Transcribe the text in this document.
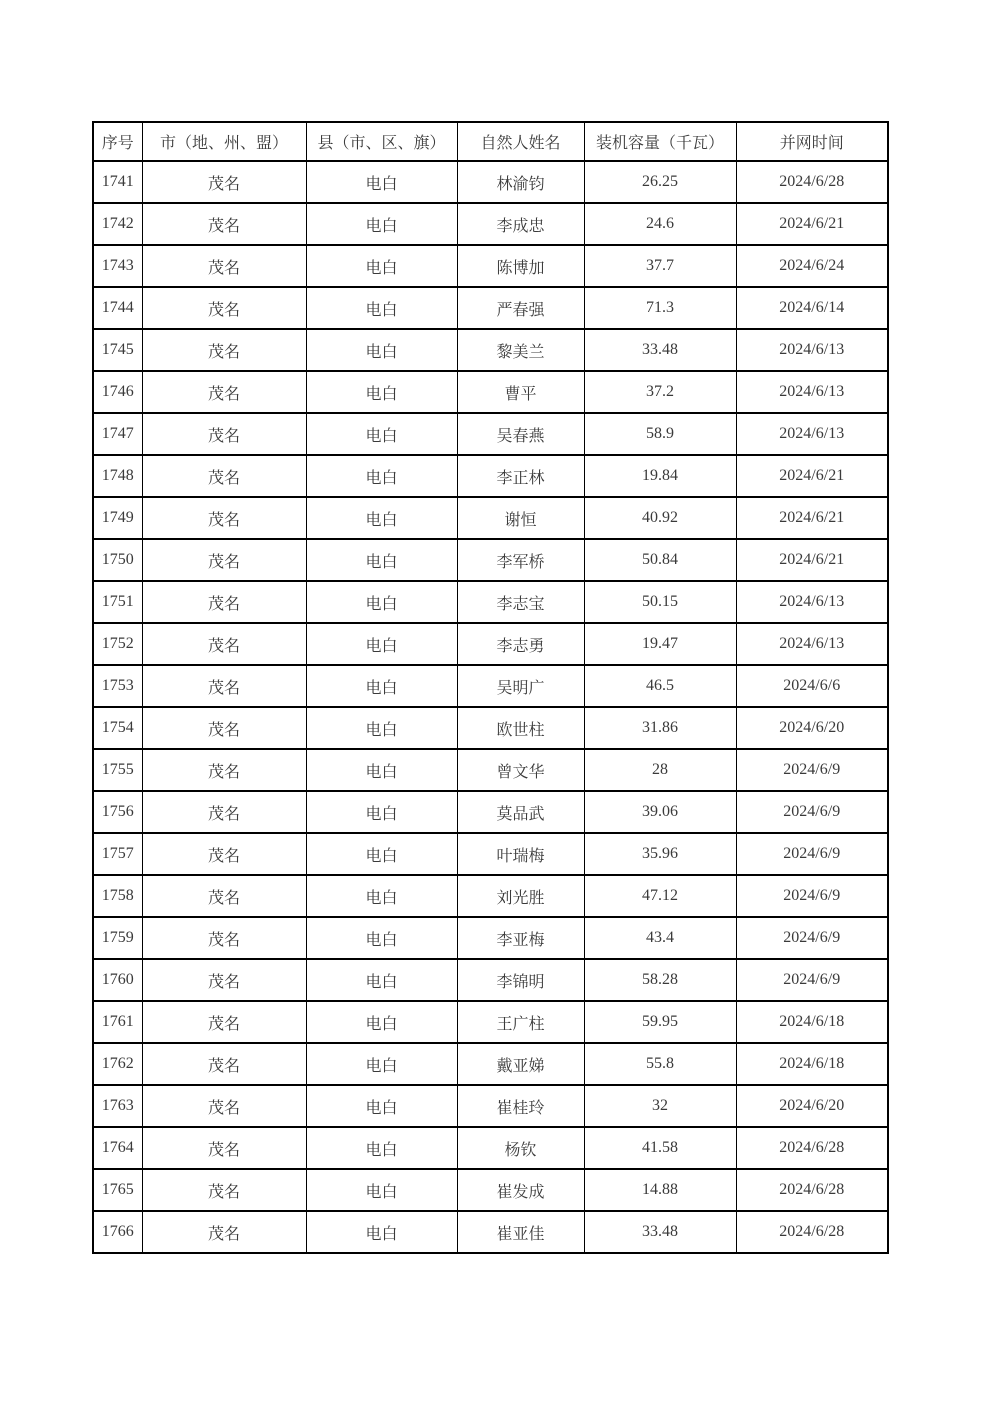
序号	市（地、州、盟）	县（市、区、旗）	自然人姓名	装机容量（千瓦）	并网时间
1741	茂名	电白	林渝钧	26.25	2024/6/28
1742	茂名	电白	李成忠	24.6	2024/6/21
1743	茂名	电白	陈博加	37.7	2024/6/24
1744	茂名	电白	严春强	71.3	2024/6/14
1745	茂名	电白	黎美兰	33.48	2024/6/13
1746	茂名	电白	曹平	37.2	2024/6/13
1747	茂名	电白	吴春燕	58.9	2024/6/13
1748	茂名	电白	李正林	19.84	2024/6/21
1749	茂名	电白	谢恒	40.92	2024/6/21
1750	茂名	电白	李军桥	50.84	2024/6/21
1751	茂名	电白	李志宝	50.15	2024/6/13
1752	茂名	电白	李志勇	19.47	2024/6/13
1753	茂名	电白	吴明广	46.5	2024/6/6
1754	茂名	电白	欧世柱	31.86	2024/6/20
1755	茂名	电白	曾文华	28	2024/6/9
1756	茂名	电白	莫品武	39.06	2024/6/9
1757	茂名	电白	叶瑞梅	35.96	2024/6/9
1758	茂名	电白	刘光胜	47.12	2024/6/9
1759	茂名	电白	李亚梅	43.4	2024/6/9
1760	茂名	电白	李锦明	58.28	2024/6/9
1761	茂名	电白	王广柱	59.95	2024/6/18
1762	茂名	电白	戴亚娣	55.8	2024/6/18
1763	茂名	电白	崔桂玲	32	2024/6/20
1764	茂名	电白	杨钦	41.58	2024/6/28
1765	茂名	电白	崔发成	14.88	2024/6/28
1766	茂名	电白	崔亚佳	33.48	2024/6/28
